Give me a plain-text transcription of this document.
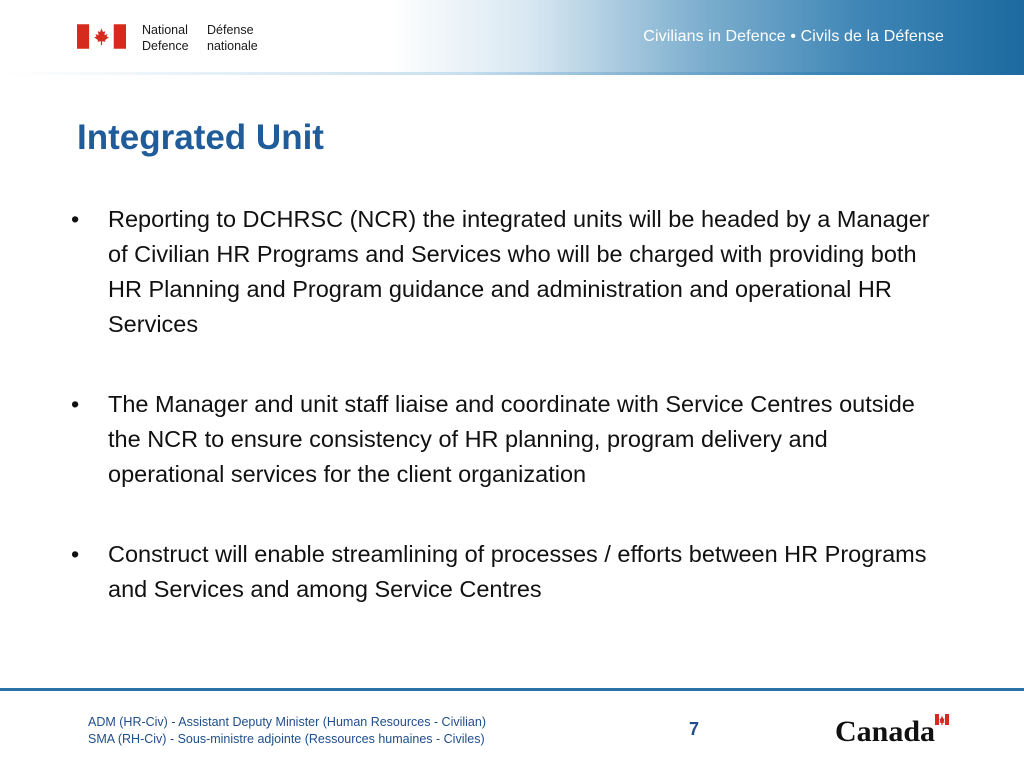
National
Defence
Défense
nationale
Civilians in Defence • Civils de la Défense
Integrated Unit
• Reporting to DCHRSC (NCR) the integrated units will be headed by a Manager of Civilian HR Programs and Services who will be charged with providing both HR Planning and Program guidance and administration and operational HR Services
• The Manager and unit staff liaise and coordinate with Service Centres outside the NCR to ensure consistency of HR planning, program delivery and operational services for the client organization
• Construct will enable streamlining of processes / efforts between HR Programs and Services and among Service Centres
ADM (HR-Civ) - Assistant Deputy Minister (Human Resources - Civilian)
SMA (RH-Civ) - Sous-ministre adjointe (Ressources humaines - Civiles)	7	Canada
